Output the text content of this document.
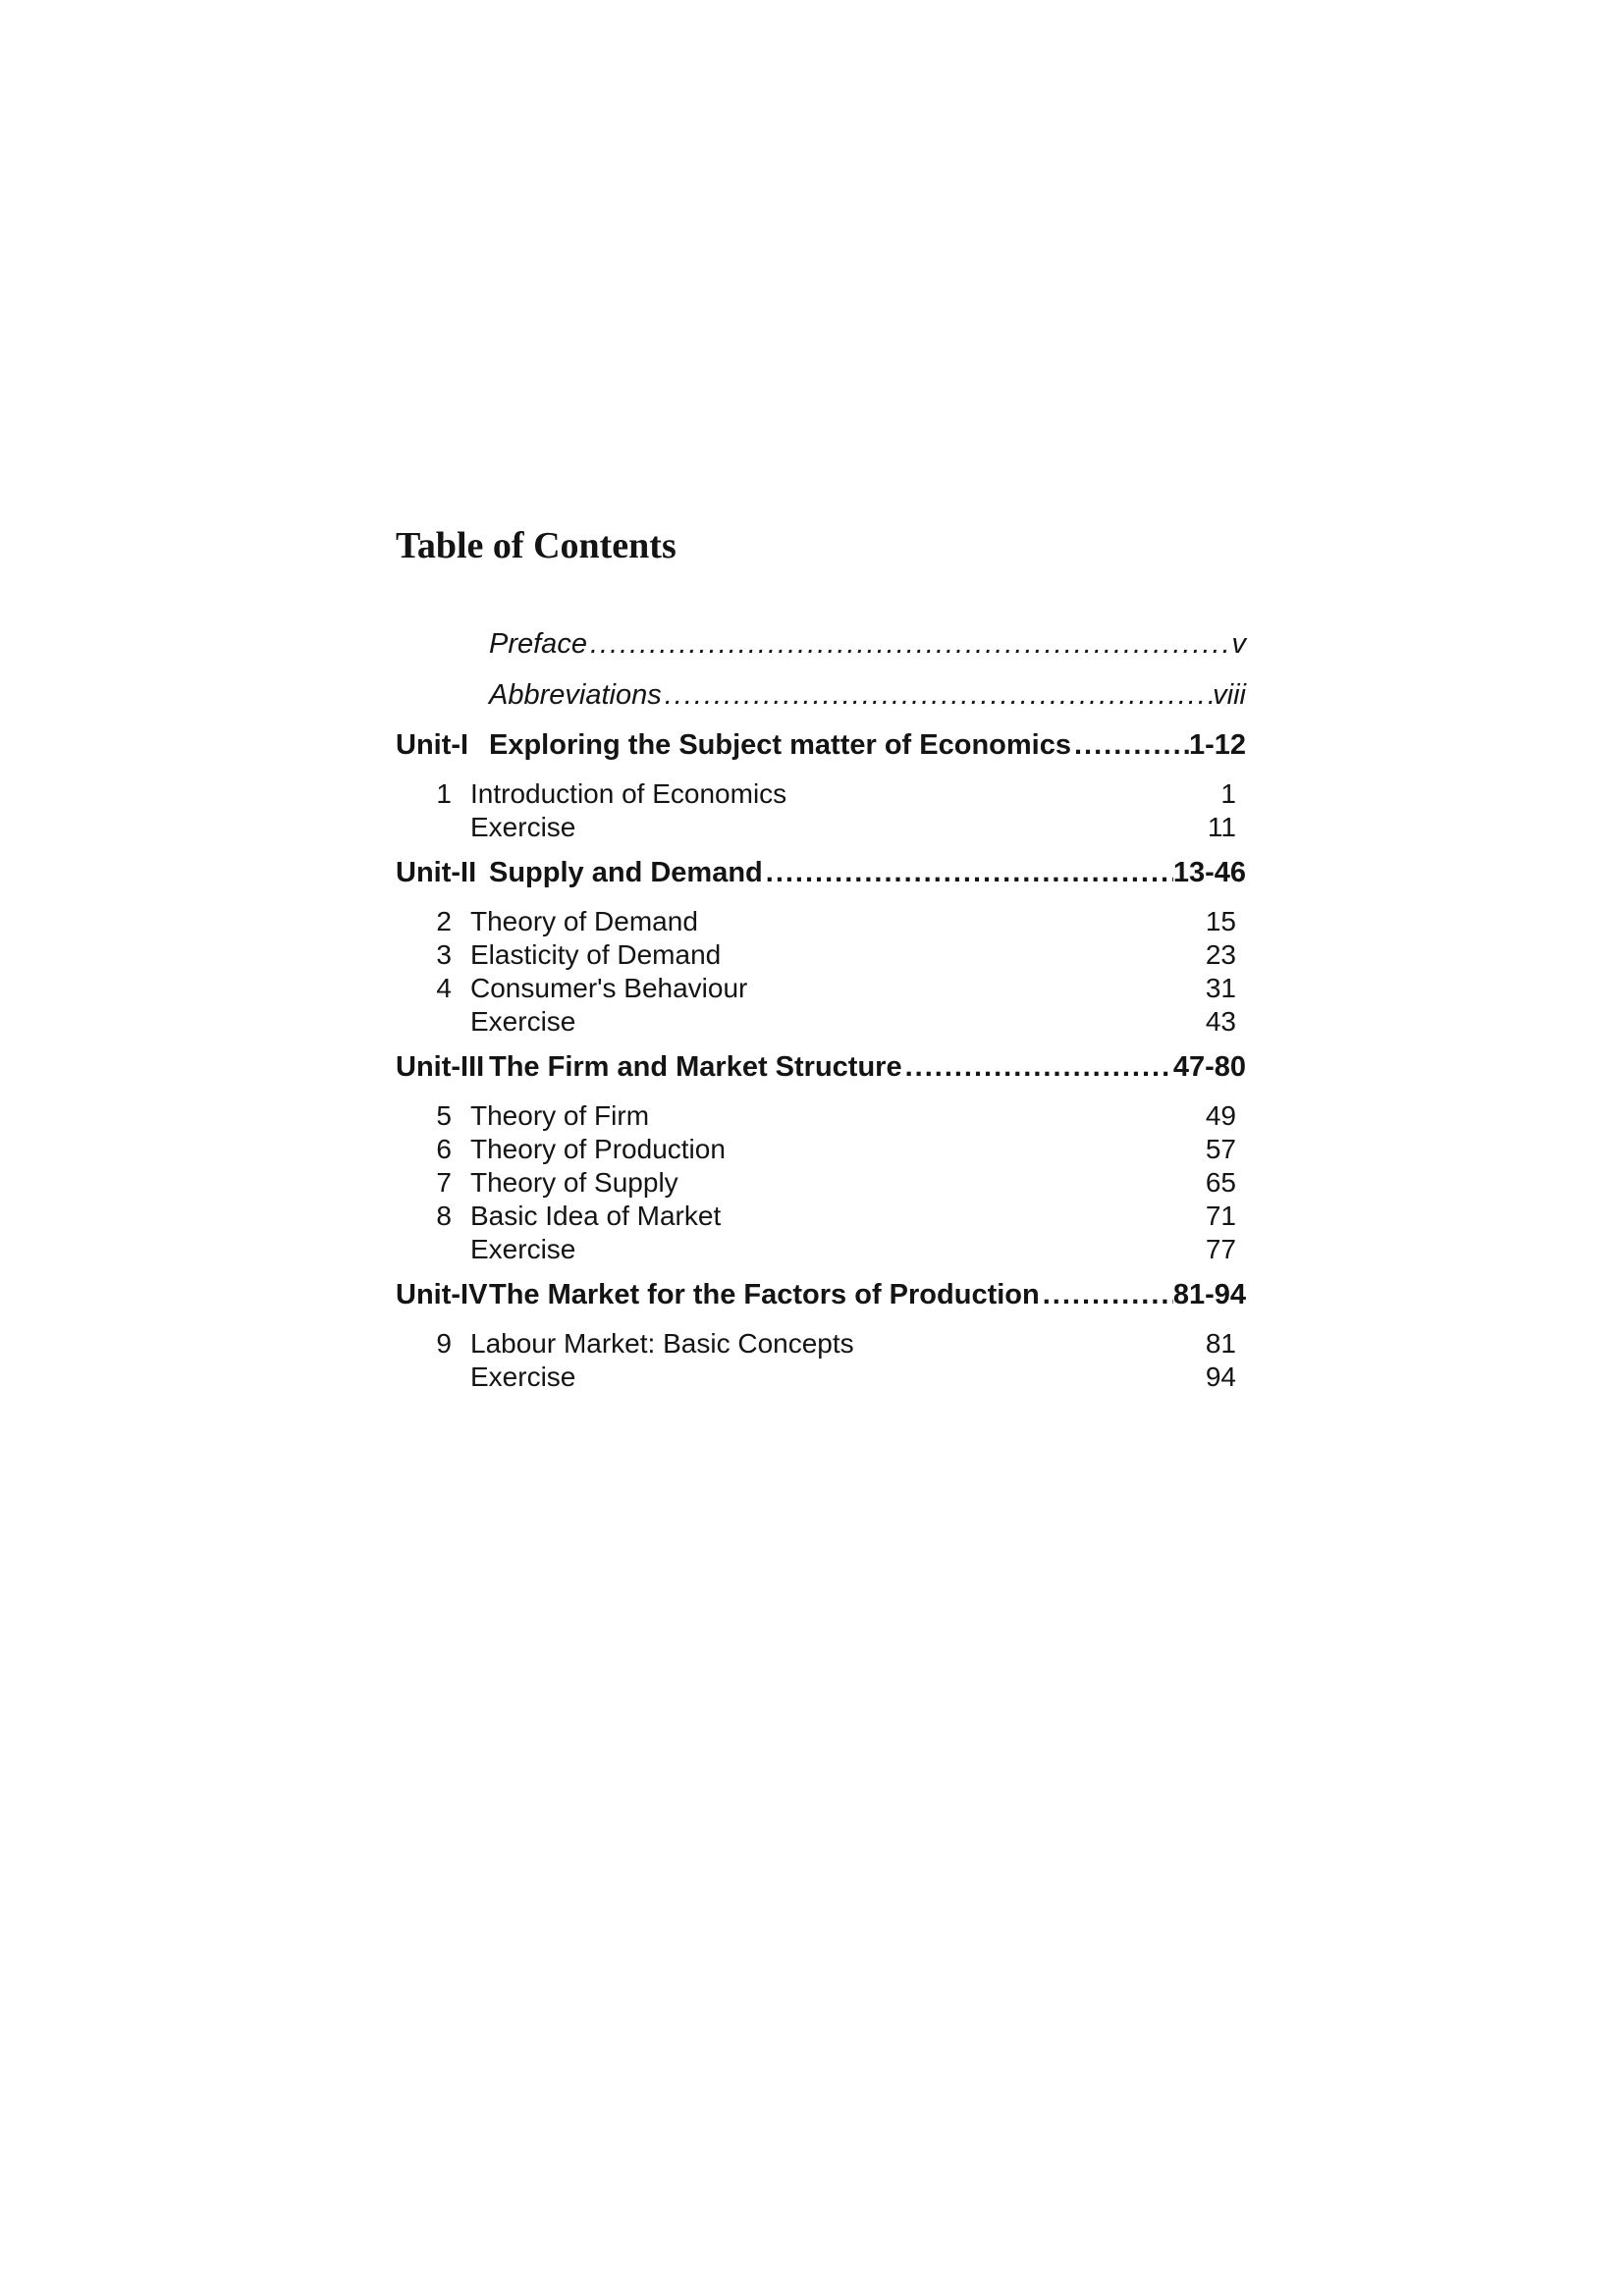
Table of Contents
Preface .....	v
Abbreviations .....	viii
Unit-I Exploring the Subject matter of Economics .....	1-12
1 Introduction of Economics	1
Exercise	11
Unit-II Supply and Demand .....	13-46
2 Theory of Demand	15
3 Elasticity of Demand	23
4 Consumer's Behaviour	31
Exercise	43
Unit-III The Firm and Market Structure .....	47-80
5 Theory of Firm	49
6 Theory of Production	57
7 Theory of Supply	65
8 Basic Idea of Market	71
Exercise	77
Unit-IV The Market for the Factors of Production .....	81-94
9 Labour Market: Basic Concepts	81
Exercise	94
